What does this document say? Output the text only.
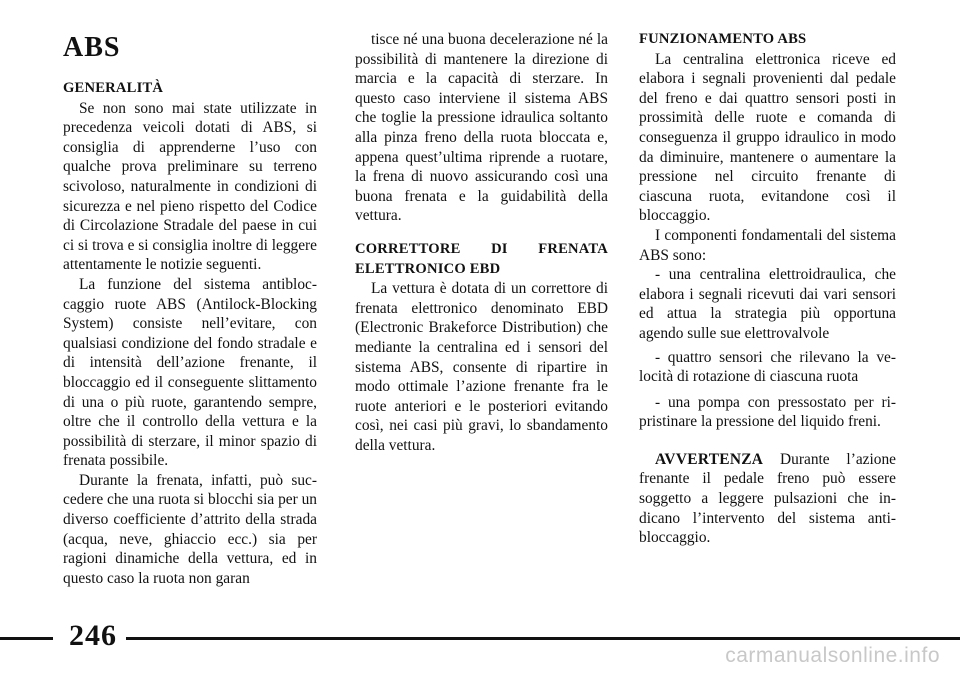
ABS

GENERALITÀ

Se non sono mai state utilizzate in precedenza veicoli dotati di ABS, si consiglia di apprenderne l’uso con qualche prova preliminare su terreno scivoloso, naturalmente in condizioni di sicurezza e nel pieno rispetto del Codice di Circolazione Stradale del paese in cui ci si trova e si consiglia inoltre di leggere attentamente le notizie seguenti.

La funzione del sistema antibloccaggio ruote ABS (Antilock-Blocking System) consiste nell’evitare, con qualsiasi condizione del fondo stradale e di intensità dell’azione frenante, il bloccaggio ed il conseguente slittamento di una o più ruote, garantendo sempre, oltre che il controllo della vettura e la possibilità di sterzare, il minor spazio di frenata possibile.

Durante la frenata, infatti, può succedere che una ruota si blocchi sia per un diverso coefficiente d’attrito della strada (acqua, neve, ghiaccio ecc.) sia per ragioni dinamiche della vettura, ed in questo caso la ruota non garan

tisce né una buona decelerazione né la possibilità di mantenere la direzione di marcia e la capacità di sterzare. In questo caso interviene il sistema ABS che toglie la pressione idraulica soltanto alla pinza freno della ruota bloccata e, appena quest’ultima riprende a ruotare, la frena di nuovo assicurando così una buona frenata e la guidabilità della vettura.

CORRETTORE DI FRENATA ELETTRONICO EBD

La vettura è dotata di un correttore di frenata elettronico denominato EBD (Electronic Brakeforce Distribution) che mediante la centralina ed i sensori del sistema ABS, consente di ripartire in modo ottimale l’azione frenante fra le ruote anteriori e le posteriori evitando così, nei casi più gravi, lo sbandamento della vettura.

FUNZIONAMENTO ABS

La centralina elettronica riceve ed elabora i segnali provenienti dal pedale del freno e dai quattro sensori posti in prossimità delle ruote e comanda di conseguenza il gruppo idraulico in modo da diminuire, mantenere o aumentare la pressione nel circuito frenante di ciascuna ruota, evitandone così il bloccaggio.

I componenti fondamentali del sistema ABS sono:

- una centralina elettroidraulica, che elabora i segnali ricevuti dai vari sensori ed attua la strategia più opportuna agendo sulle sue elettrovalvole

- quattro sensori che rilevano la velocità di rotazione di ciascuna ruota

- una pompa con pressostato per ripristinare la pressione del liquido freni.

AVVERTENZA Durante l’azione frenante il pedale freno può essere soggetto a leggere pulsazioni che indicano l’intervento del sistema antibloccaggio.

246
carmanualsonline.info
